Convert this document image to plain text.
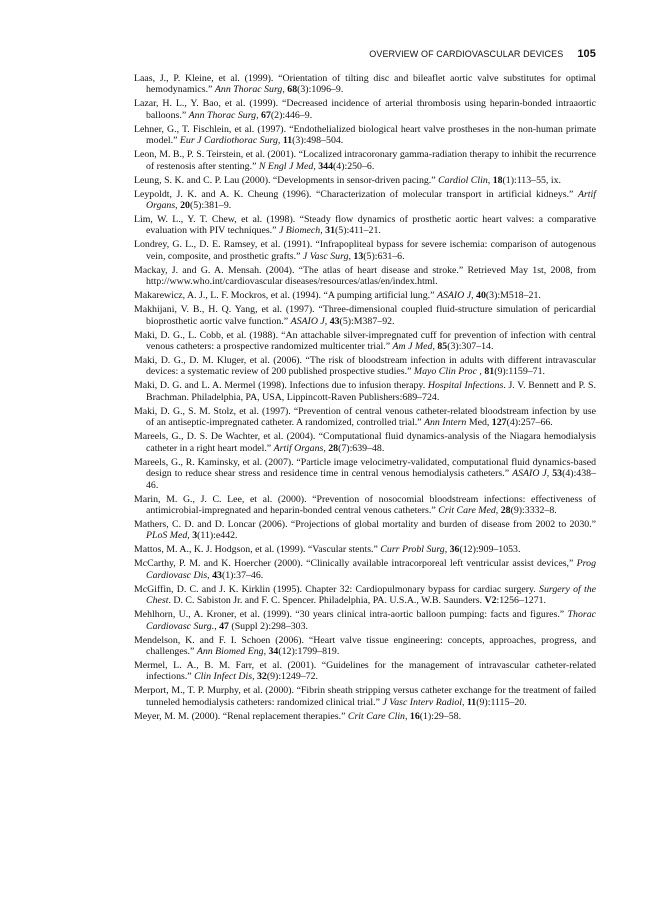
OVERVIEW OF CARDIOVASCULAR DEVICES 105

Laas, J., P. Kleine, et al. (1999). “Orientation of tilting disc and bileaflet aortic valve substitutes for optimal hemodynamics.” Ann Thorac Surg, 68(3):1096–9.

Lazar, H. L., Y. Bao, et al. (1999). “Decreased incidence of arterial thrombosis using heparin-bonded intraaortic balloons.” Ann Thorac Surg, 67(2):446–9.

Lehner, G., T. Fischlein, et al. (1997). “Endothelialized biological heart valve prostheses in the non-human primate model.” Eur J Cardiothorac Surg, 11(3):498–504.

Leon, M. B., P. S. Teirstein, et al. (2001). “Localized intracoronary gamma-radiation therapy to inhibit the recurrence of restenosis after stenting.” N Engl J Med, 344(4):250–6.

Leung, S. K. and C. P. Lau (2000). “Developments in sensor-driven pacing.” Cardiol Clin, 18(1):113–55, ix.

Leypoldt, J. K. and A. K. Cheung (1996). “Characterization of molecular transport in artificial kidneys.” Artif Organs, 20(5):381–9.

Lim, W. L., Y. T. Chew, et al. (1998). “Steady flow dynamics of prosthetic aortic heart valves: a comparative evaluation with PIV techniques.” J Biomech, 31(5):411–21.

Londrey, G. L., D. E. Ramsey, et al. (1991). “Infrapopliteal bypass for severe ischemia: comparison of autogenous vein, composite, and prosthetic grafts.” J Vasc Surg, 13(5):631–6.

Mackay, J. and G. A. Mensah. (2004). “The atlas of heart disease and stroke.” Retrieved May 1st, 2008, from http://www.who.int/cardiovascular diseases/resources/atlas/en/index.html.

Makarewicz, A. J., L. F. Mockros, et al. (1994). “A pumping artificial lung.” ASAIO J, 40(3):M518–21.

Makhijani, V. B., H. Q. Yang, et al. (1997). “Three-dimensional coupled fluid-structure simulation of pericardial bioprosthetic aortic valve function.” ASAIO J, 43(5):M387–92.

Maki, D. G., L. Cobb, et al. (1988). “An attachable silver-impregnated cuff for prevention of infection with central venous catheters: a prospective randomized multicenter trial.” Am J Med, 85(3):307–14.

Maki, D. G., D. M. Kluger, et al. (2006). “The risk of bloodstream infection in adults with different intravascular devices: a systematic review of 200 published prospective studies.” Mayo Clin Proc , 81(9):1159–71.

Maki, D. G. and L. A. Mermel (1998). Infections due to infusion therapy. Hospital Infections. J. V. Bennett and P. S. Brachman. Philadelphia, PA, USA, Lippincott-Raven Publishers:689–724.

Maki, D. G., S. M. Stolz, et al. (1997). “Prevention of central venous catheter-related bloodstream infection by use of an antiseptic-impregnated catheter. A randomized, controlled trial.” Ann Intern Med, 127(4):257–66.

Mareels, G., D. S. De Wachter, et al. (2004). “Computational fluid dynamics-analysis of the Niagara hemodialysis catheter in a right heart model.” Artif Organs, 28(7):639–48.

Mareels, G., R. Kaminsky, et al. (2007). “Particle image velocimetry-validated, computational fluid dynamics-based design to reduce shear stress and residence time in central venous hemodialysis catheters.” ASAIO J, 53(4):438–46.

Marin, M. G., J. C. Lee, et al. (2000). “Prevention of nosocomial bloodstream infections: effectiveness of antimicrobial-impregnated and heparin-bonded central venous catheters.” Crit Care Med, 28(9):3332–8.

Mathers, C. D. and D. Loncar (2006). “Projections of global mortality and burden of disease from 2002 to 2030.” PLoS Med, 3(11):e442.

Mattos, M. A., K. J. Hodgson, et al. (1999). “Vascular stents.” Curr Probl Surg, 36(12):909–1053.

McCarthy, P. M. and K. Hoercher (2000). “Clinically available intracorporeal left ventricular assist devices,” Prog Cardiovasc Dis, 43(1):37–46.

McGiffin, D. C. and J. K. Kirklin (1995). Chapter 32: Cardiopulmonary bypass for cardiac surgery. Surgery of the Chest. D. C. Sabiston Jr. and F. C. Spencer. Philadelphia, PA. U.S.A., W.B. Saunders. V2:1256–1271.

Mehlhorn, U., A. Kroner, et al. (1999). “30 years clinical intra-aortic balloon pumping: facts and figures.” Thorac Cardiovasc Surg., 47 (Suppl 2):298–303.

Mendelson, K. and F. I. Schoen (2006). “Heart valve tissue engineering: concepts, approaches, progress, and challenges.” Ann Biomed Eng, 34(12):1799–819.

Mermel, L. A., B. M. Farr, et al. (2001). “Guidelines for the management of intravascular catheter-related infections.” Clin Infect Dis, 32(9):1249–72.

Merport, M., T. P. Murphy, et al. (2000). “Fibrin sheath stripping versus catheter exchange for the treatment of failed tunneled hemodialysis catheters: randomized clinical trial.” J Vasc Interv Radiol, 11(9):1115–20.

Meyer, M. M. (2000). “Renal replacement therapies.” Crit Care Clin, 16(1):29–58.
